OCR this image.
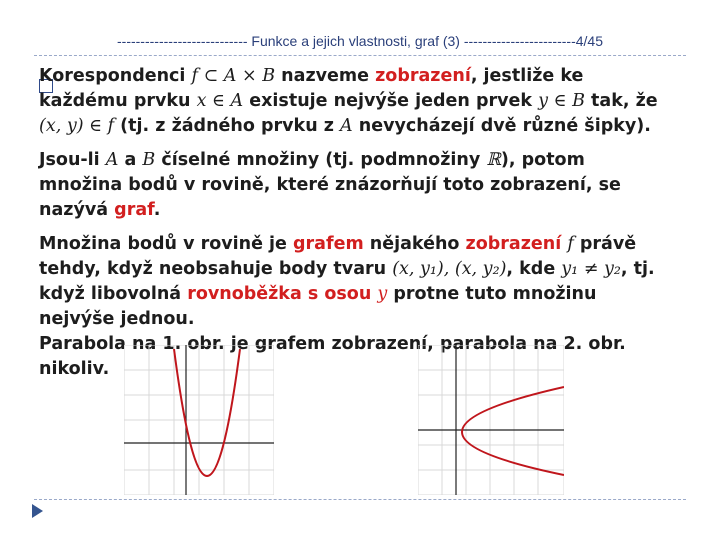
---------------------------- Funkce a jejich vlastnosti, graf (3) ------------------------4/45

Korespondenci f ⊂ A × B nazveme zobrazení, jestliže ke každému prvku x ∈ A existuje nejvýše jeden prvek y ∈ B tak, že (x, y) ∈ f (tj. z žádného prvku z A nevycházejí dvě různé šipky).

Jsou-li A a B číselné množiny (tj. podmnožiny ℝ), potom množina bodů v rovině, které znázorňují toto zobrazení, se nazývá graf.

Množina bodů v rovině je grafem nějakého zobrazení f právě tehdy, když neobsahuje body tvaru (x, y₁), (x, y₂), kde y₁ ≠ y₂, tj. když libovolná rovnoběžka s osou y protne tuto množinu nejvýše jednou.

Parabola na 1. obr. je grafem zobrazení, parabola na 2. obr. nikoliv.
